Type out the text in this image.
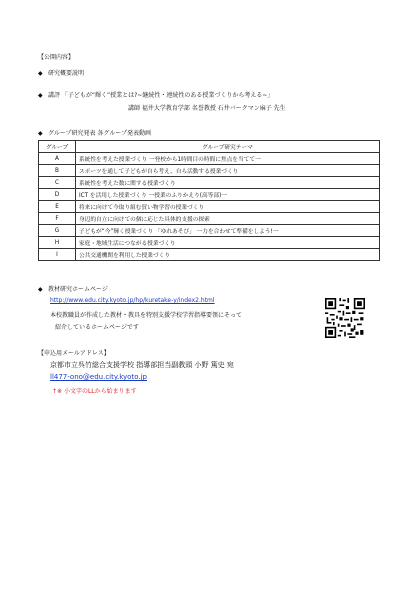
【公開内容】
◆ 研究概要説明
◆ 講評 「子どもが“輝く”授業とは?~継続性・連続性のある授業づくりから考える~」
講師 福井大学教育学部 名誉教授 石井バークマン麻子 先生
◆ グループ研究発表 各グループ発表動画
グループ	グループ研究テーマ
A	系統性を考えた授業づくり 一登校から1時間目の時間に焦点を当てて一
B	スポーツを通して子どもが自ら考え、自ら活動する授業づくり
C	系統性を考えた数に関する授業づくり
D	ICT を活用した授業づくり 一授業のふりかえり(高等部)一
E	将来に向けて今取り組む買い物学習の授業づくり
F	身辺的自立に向けての個に応じた具体的支援の探索
G	子どもが“今”輝く授業づくり 「ゆれあそび」 一力を合わせて準備をしよう!一
H	家庭・地域生活につながる授業づくり
I	公共交通機関を利用した授業づくり
◆ 教材研究ホームページ
http://www.edu.city.kyoto.jp/hp/kuretake-y/index2.html
本校教職員が作成した教材・教具を特別支援学校学習指導要領にそって
紹介しているホームページです
【申込用メールアドレス】
京都市立呉竹総合支援学校 指導部担当副教頭 小野 篤史 宛
ll477-ono@edu.city.kyoto.jp
↑※ 小文字のLLから始まります
